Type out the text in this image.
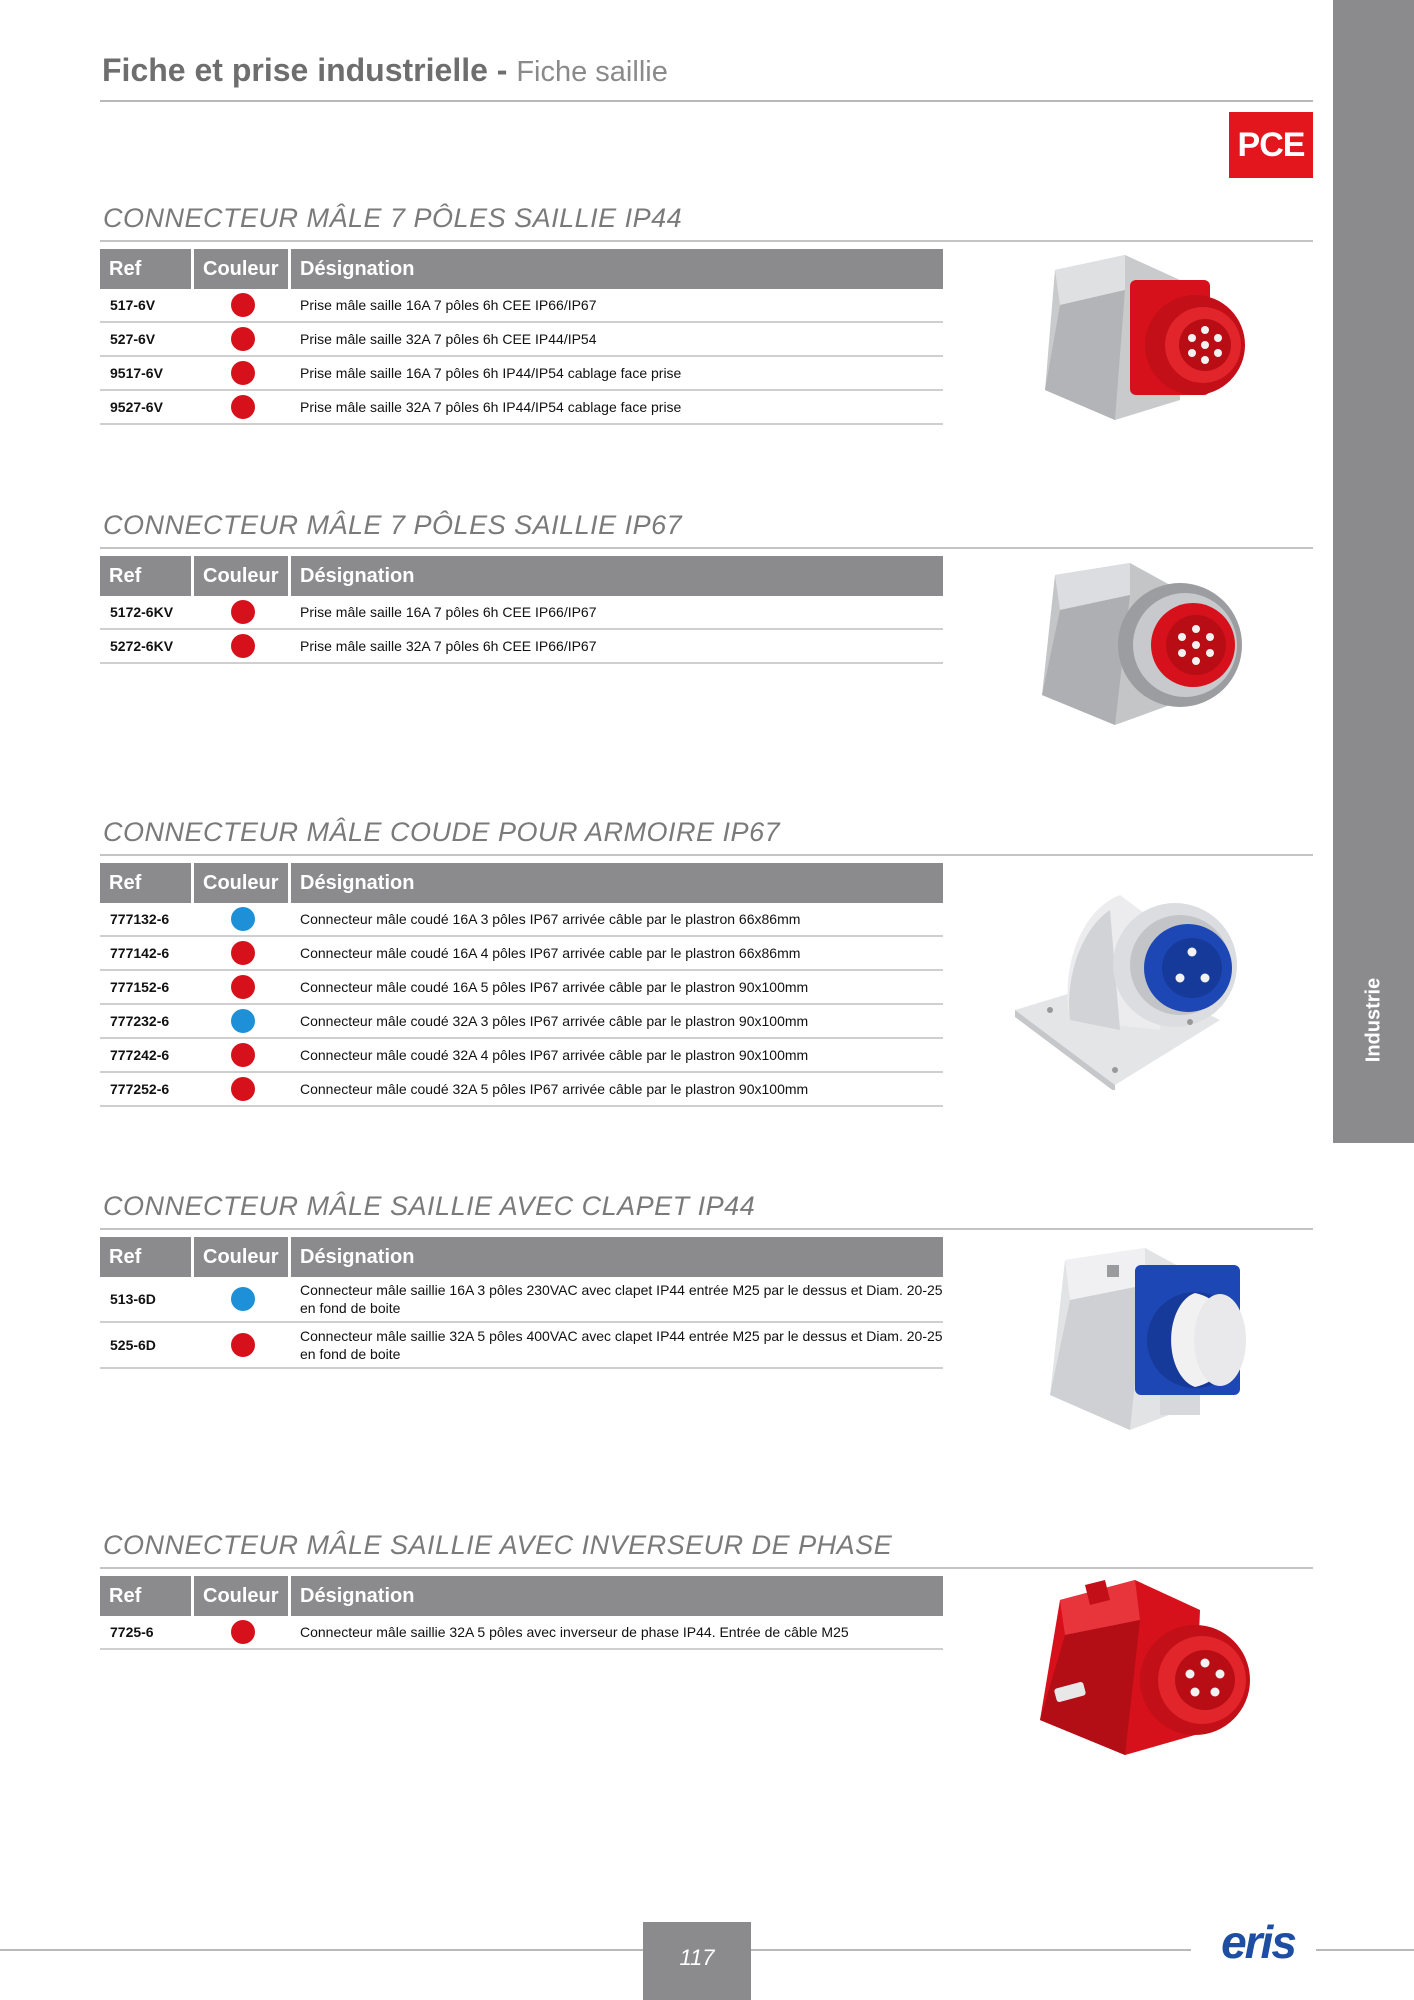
Fiche et prise industrielle - Fiche saillie
Industrie
PCE
CONNECTEUR MÂLE 7 PÔLES SAILLIE IP44
Ref	Couleur	Désignation
517-6V		Prise mâle saille 16A 7 pôles 6h CEE IP66/IP67
527-6V		Prise mâle saille 32A 7 pôles 6h CEE IP44/IP54
9517-6V		Prise mâle saille 16A 7 pôles 6h IP44/IP54 cablage face prise
9527-6V		Prise mâle saille 32A 7 pôles 6h IP44/IP54 cablage face prise
CONNECTEUR MÂLE 7 PÔLES SAILLIE IP67
Ref	Couleur	Désignation
5172-6KV		Prise mâle saille 16A 7 pôles 6h CEE IP66/IP67
5272-6KV		Prise mâle saille 32A 7 pôles 6h CEE IP66/IP67
CONNECTEUR MÂLE COUDE POUR ARMOIRE IP67
Ref	Couleur	Désignation
777132-6		Connecteur mâle coudé 16A 3 pôles IP67 arrivée câble par le plastron 66x86mm
777142-6		Connecteur mâle coudé 16A 4 pôles IP67 arrivée cable par le plastron 66x86mm
777152-6		Connecteur mâle coudé 16A 5 pôles IP67 arrivée câble par le plastron 90x100mm
777232-6		Connecteur mâle coudé 32A 3 pôles IP67 arrivée câble par le plastron 90x100mm
777242-6		Connecteur mâle coudé 32A 4 pôles IP67 arrivée câble par le plastron 90x100mm
777252-6		Connecteur mâle coudé 32A 5 pôles IP67 arrivée câble par le plastron 90x100mm
CONNECTEUR MÂLE SAILLIE AVEC CLAPET IP44
Ref	Couleur	Désignation
513-6D		Connecteur mâle saillie 16A 3 pôles 230VAC avec clapet IP44 entrée M25 par le dessus et Diam. 20-25 en fond de boite
525-6D		Connecteur mâle saillie 32A 5 pôles 400VAC avec clapet IP44 entrée M25 par le dessus et Diam. 20-25 en fond de boite
CONNECTEUR MÂLE SAILLIE AVEC INVERSEUR DE PHASE
Ref	Couleur	Désignation
7725-6		Connecteur mâle saillie 32A 5 pôles avec inverseur de phase IP44. Entrée de câble M25
117	eris
